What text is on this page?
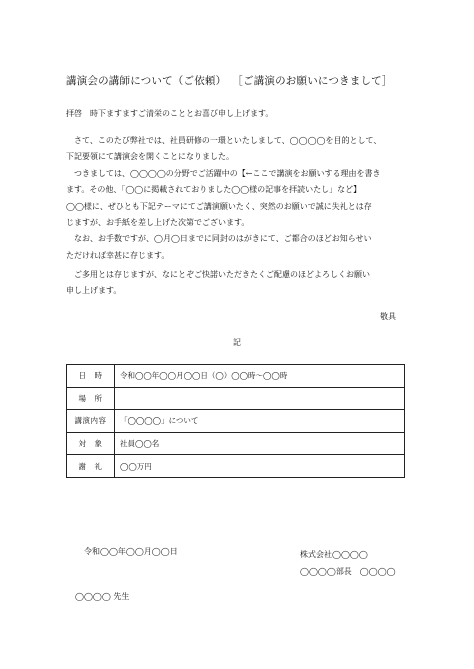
講演会の講師について（ご依頼） ［ご講演のお願いにつきまして］
拝啓　時下ますますご清栄のこととお喜び申し上げます。

　さて、このたび弊社では、社員研修の一環といたしまして、◯◯◯◯を目的として、

下記要領にて講演会を開くことになりました。

　つきましては、◯◯◯◯の分野でご活躍中の【←ここで講演をお願いする理由を書き

ます。その他、「◯◯に掲載されておりました◯◯様の記事を拝読いたし」など】

◯◯様に、ぜひとも下記テーマにてご講演願いたく、突然のお願いで誠に失礼とは存

じますが、お手紙を差し上げた次第でございます。

　なお、お手数ですが、◯月◯日までに同封のはがきにて、ご都合のほどお知らせい

ただければ幸甚に存じます。

　ご多用とは存じますが、なにとぞご快諾いただきたくご配慮のほどよろしくお願い

申し上げます。

敬具
記
日　時	令和◯◯年◯◯月◯◯日（◯）◯◯時～◯◯時
場　所	
講演内容	「◯◯◯◯」について
対　象	社員◯◯名
謝　礼	◯◯万円
令和◯◯年◯◯月◯◯日	株式会社◯◯◯◯
◯◯◯◯部長　◯◯◯◯
◯◯◯◯ 先生
